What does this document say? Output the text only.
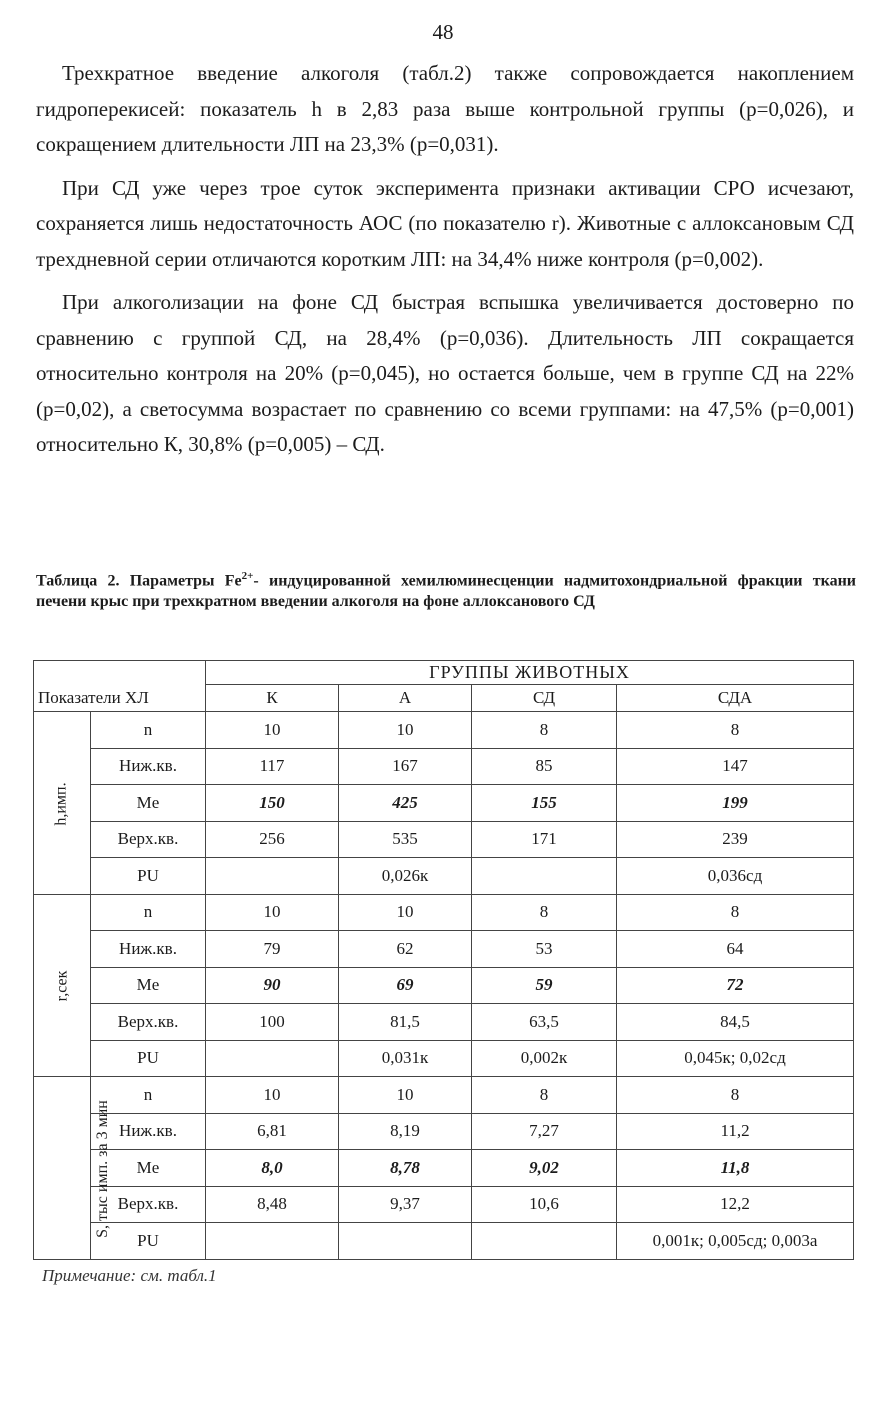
48

Трехкратное введение алкоголя (табл.2) также сопровождается накоплением гидроперекисей: показатель h в 2,83 раза выше контрольной группы (p=0,026), и сокращением длительности ЛП на 23,3% (p=0,031).

При СД уже через трое суток эксперимента признаки активации СРО исчезают, сохраняется лишь недостаточность АОС (по показателю r). Животные с аллоксановым СД трехдневной серии отличаются коротким ЛП: на 34,4% ниже контроля (p=0,002).

При алкоголизации на фоне СД быстрая вспышка увеличивается достоверно по сравнению с группой СД, на 28,4% (p=0,036). Длительность ЛП сокращается относительно контроля на 20% (p=0,045), но остается больше, чем в группе СД на 22% (p=0,02), а светосумма возрастает по сравнению со всеми группами: на 47,5% (p=0,001) относительно К, 30,8% (p=0,005) – СД.

Таблица 2. Параметры $Fe^{2+}-$ индуцированной хемилюминесценции надмитохондриальной фракции ткани печени крыс при трехкратном введении алкоголя на фоне аллоксанового СД
		ГРУППЫ ЖИВОТНЫХ			
Показатели ХЛ		К	А	СД	СДА
h,имп.	n	10	10	8	8
	Ниж.кв.	117	167	85	147
	Me	150	425	155	199
	Верх.кв.	256	535	171	239
	PU		0,026к		0,036сд
r,сек	n	10	10	8	8
	Ниж.кв.	79	62	53	64
	Me	90	69	59	72
	Верх.кв.	100	81,5	63,5	84,5
	PU		0,031к	0,002к	0,045к; 0,02сд
S, тыс имп. за 3 мин	n	10	10	8	8
	Ниж.кв.	6,81	8,19	7,27	11,2
	Me	8,0	8,78	9,02	11,8
	Верх.кв.	8,48	9,37	10,6	12,2
	PU				0,001к; 0,005сд; 0,003а
Примечание: см. табл.1
